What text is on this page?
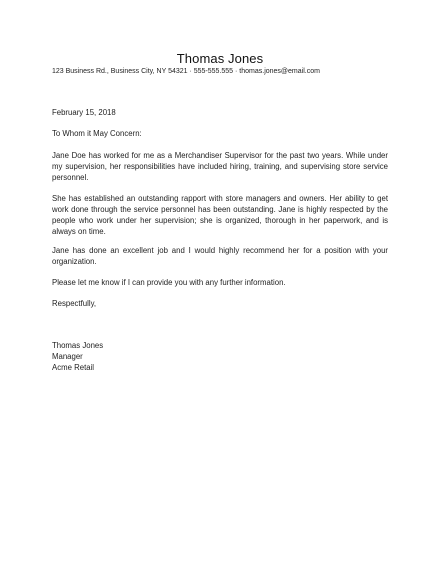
Thomas Jones
123 Business Rd., Business City, NY 54321 · 555-555.555 · thomas.jones@email.com
February 15, 2018
To Whom it May Concern:
Jane Doe has worked for me as a Merchandiser Supervisor for the past two years. While under my supervision, her responsibilities have included hiring, training, and supervising store service personnel.
She has established an outstanding rapport with store managers and owners. Her ability to get work done through the service personnel has been outstanding. Jane is highly respected by the people who work under her supervision; she is organized, thorough in her paperwork, and is always on time.
Jane has done an excellent job and I would highly recommend her for a position with your organization.
Please let me know if I can provide you with any further information.
Respectfully,
Thomas Jones
Manager
Acme Retail
